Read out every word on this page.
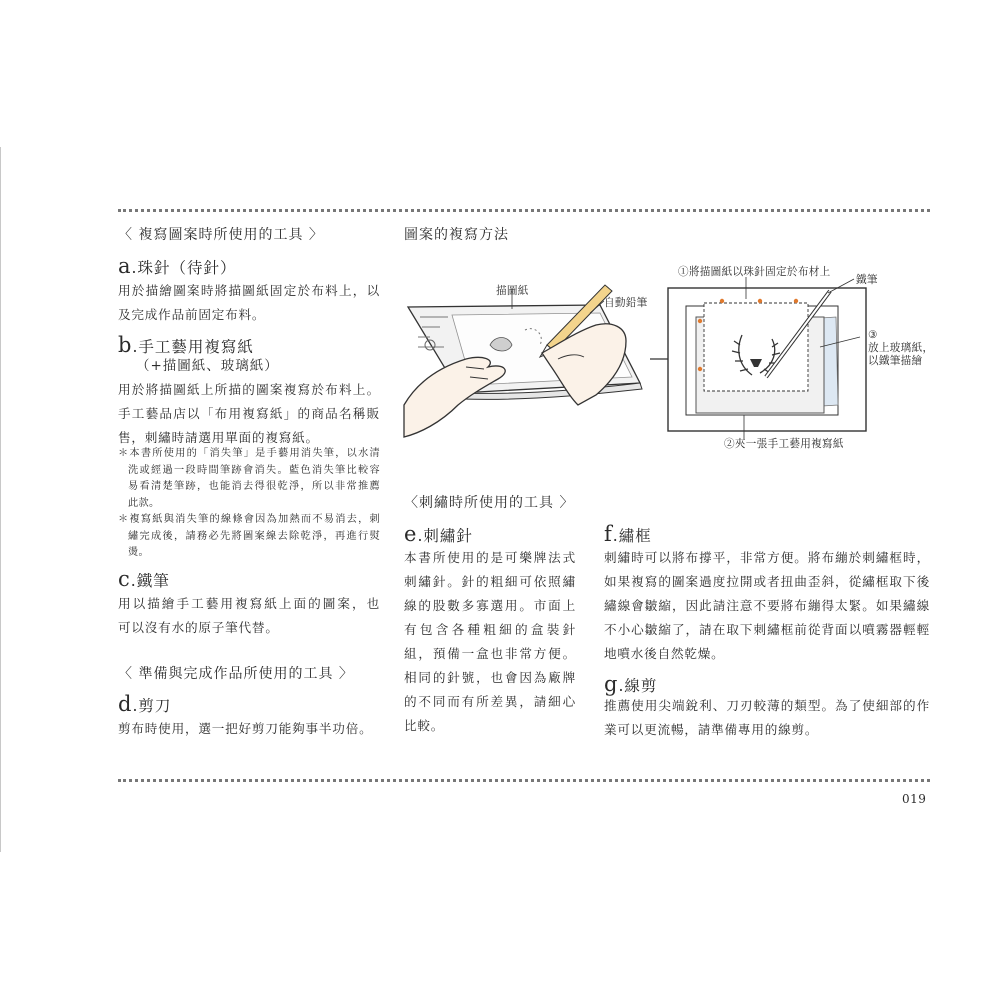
〈 複寫圖案時所使用的工具 〉
a.珠針（待針）
用於描繪圖案時將描圖紙固定於布料上，以
及完成作品前固定布料。
b.手工藝用複寫紙
（+描圖紙、玻璃紙）
用於將描圖紙上所描的圖案複寫於布料上。
手工藝品店以「布用複寫紙」的商品名稱販
售，刺繡時請選用單面的複寫紙。
＊本書所使用的「消失筆」是手藝用消失筆，以水清
洗或經過一段時間筆跡會消失。藍色消失筆比較容
易看清楚筆跡，也能消去得很乾淨，所以非常推薦
此款。
＊複寫紙與消失筆的線條會因為加熱而不易消去，刺
繡完成後，請務必先將圖案線去除乾淨，再進行熨
燙。
c.鐵筆
用以描繪手工藝用複寫紙上面的圖案，也
可以沒有水的原子筆代替。
〈 準備與完成作品所使用的工具 〉
d.剪刀
剪布時使用，選一把好剪刀能夠事半功倍。
圖案的複寫方法
描圖紙
自動鉛筆
①將描圖紙以珠針固定於布材上
鐵筆
③
放上玻璃紙，
以鐵筆描繪
②夾一張手工藝用複寫紙
〈刺繡時所使用的工具 〉
e.刺繡針
本書所使用的是可樂牌法式
刺繡針。針的粗細可依照繡
線的股數多寡選用。市面上
有包含各種粗細的盒裝針
組，預備一盒也非常方便。
相同的針號，也會因為廠牌
的不同而有所差異，請細心
比較。
f.繡框
刺繡時可以將布撐平，非常方便。將布繃於刺繡框時，
如果複寫的圖案過度拉開或者扭曲歪斜，從繡框取下後
繡線會皺縮，因此請注意不要將布繃得太緊。如果繡線
不小心皺縮了，請在取下刺繡框前從背面以噴霧器輕輕
地噴水後自然乾燥。
g.線剪
推薦使用尖端銳利、刀刃較薄的類型。為了使細部的作
業可以更流暢，請準備專用的線剪。
019
